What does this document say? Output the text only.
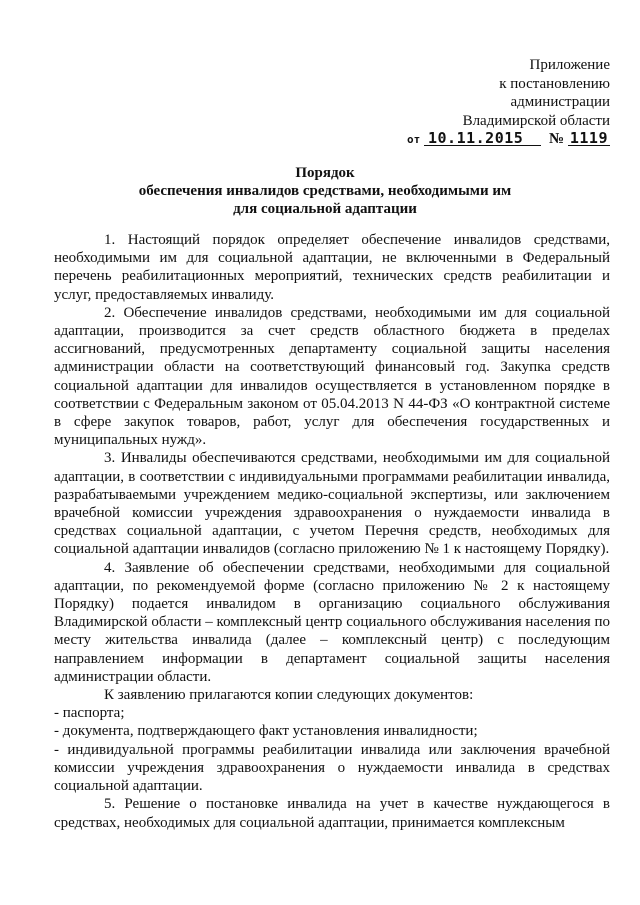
Приложение
к постановлению
администрации
Владимирской области
от 10.11.2015 № 1119
Порядок
обеспечения инвалидов средствами, необходимыми им
для социальной адаптации

1. Настоящий порядок определяет обеспечение инвалидов средствами, необходимыми им для социальной адаптации, не включенными в Федеральный перечень реабилитационных мероприятий, технических средств реабилитации и услуг, предоставляемых инвалиду.

2. Обеспечение инвалидов средствами, необходимыми им для социальной адаптации, производится за счет средств областного бюджета в пределах ассигнований, предусмотренных департаменту социальной защиты населения администрации области на соответствующий финансовый год. Закупка средств социальной адаптации для инвалидов осуществляется в установленном порядке в соответствии с Федеральным законом от 05.04.2013 N 44-ФЗ «О контрактной системе в сфере закупок товаров, работ, услуг для обеспечения государственных и муниципальных нужд».

3. Инвалиды обеспечиваются средствами, необходимыми им для социальной адаптации, в соответствии с индивидуальными программами реабилитации инвалида, разрабатываемыми учреждением медико-социальной экспертизы, или заключением врачебной комиссии учреждения здравоохранения о нуждаемости инвалида в средствах социальной адаптации, с учетом Перечня средств, необходимых для социальной адаптации инвалидов (согласно приложению № 1 к настоящему Порядку).

4. Заявление об обеспечении средствами, необходимыми для социальной адаптации, по рекомендуемой форме (согласно приложению № 2 к настоящему Порядку) подается инвалидом в организацию социального обслуживания Владимирской области – комплексный центр социального обслуживания населения по месту жительства инвалида (далее – комплексный центр) с последующим направлением информации в департамент социальной защиты населения администрации области.

К заявлению прилагаются копии следующих документов:

- паспорта;

- документа, подтверждающего факт установления инвалидности;

- индивидуальной программы реабилитации инвалида или заключения врачебной комиссии учреждения здравоохранения о нуждаемости инвалида в средствах социальной адаптации.

5. Решение о постановке инвалида на учет в качестве нуждающегося в средствах, необходимых для социальной адаптации, принимается комплексным
